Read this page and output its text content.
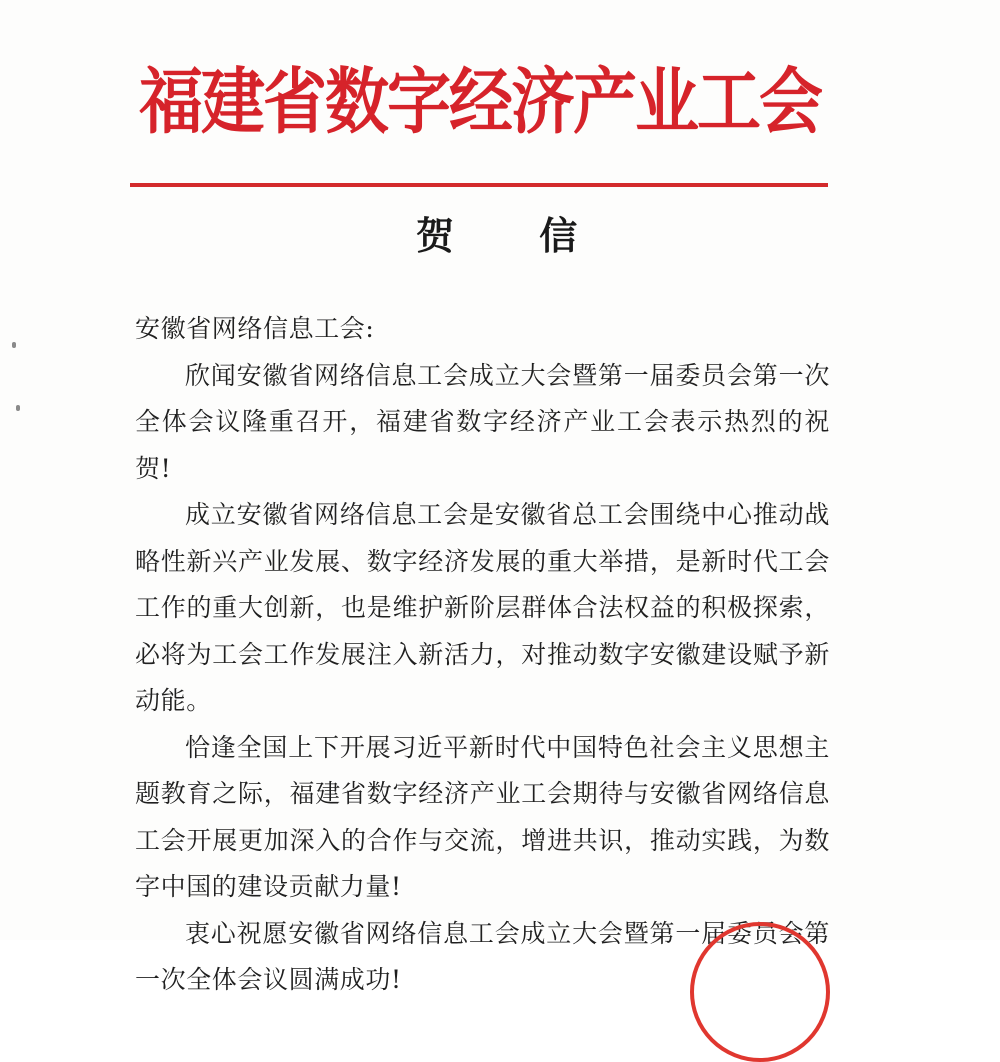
福建省数字经济产业工会
贺 信

安徽省网络信息工会:

欣闻安徽省网络信息工会成立大会暨第一届委员会第一次全体会议隆重召开，福建省数字经济产业工会表示热烈的祝贺!

成立安徽省网络信息工会是安徽省总工会围绕中心推动战略性新兴产业发展、数字经济发展的重大举措，是新时代工会工作的重大创新，也是维护新阶层群体合法权益的积极探索，必将为工会工作发展注入新活力，对推动数字安徽建设赋予新动能。

恰逢全国上下开展习近平新时代中国特色社会主义思想主题教育之际，福建省数字经济产业工会期待与安徽省网络信息工会开展更加深入的合作与交流，增进共识，推动实践，为数字中国的建设贡献力量!

衷心祝愿安徽省网络信息工会成立大会暨第一届委员会第一次全体会议圆满成功!
